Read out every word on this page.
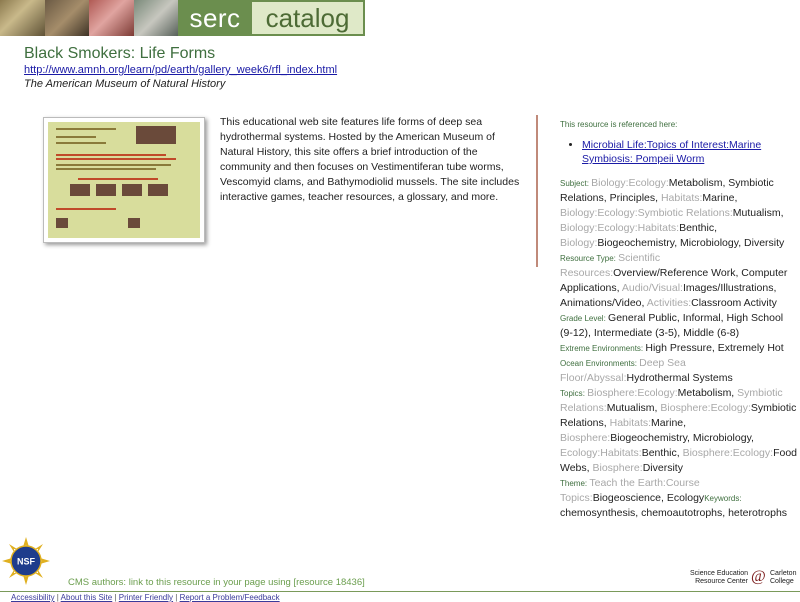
serc catalog
Black Smokers: Life Forms
http://www.amnh.org/learn/pd/earth/gallery_week6/rfl_index.html
The American Museum of Natural History
This educational web site features life forms of deep sea hydrothermal systems. Hosted by the American Museum of Natural History, this site offers a brief introduction of the community and then focuses on Vestimentiferan tube worms, Vescomyid clams, and Bathymodiolid mussels. The site includes interactive games, teacher resources, a glossary, and more.
This resource is referenced here:
• Microbial Life:Topics of Interest:Marine Symbiosis: Pompeii Worm
Subject: Biology:Ecology:Metabolism, Symbiotic Relations, Principles, Habitats:Marine, Biology:Ecology:Symbiotic Relations:Mutualism, Biology:Ecology:Habitats:Benthic, Biology:Biogeochemistry, Microbiology, Diversity
Resource Type: Scientific Resources:Overview/Reference Work, Computer Applications, Audio/Visual:Images/Illustrations, Animations/Video, Activities:Classroom Activity
Grade Level: General Public, Informal, High School (9-12), Intermediate (3-5), Middle (6-8)
Extreme Environments: High Pressure, Extremely Hot
Ocean Environments: Deep Sea Floor/Abyssal:Hydrothermal Systems
Topics: Biosphere:Ecology:Metabolism, Symbiotic Relations:Mutualism, Biosphere:Ecology:Symbiotic Relations, Habitats:Marine, Biosphere:Biogeochemistry, Microbiology, Ecology:Habitats:Benthic, Biosphere:Ecology:Food Webs, Biosphere:Diversity
Theme: Teach the Earth:Course Topics:Biogeoscience, EcologyKeywords: chemosynthesis, chemoautotrophs, heterotrophs
NSF
CMS authors: link to this resource in your page using [resource 18436]
Science Education Resource Center @ Carleton College
Accessibility | About this Site | Printer Friendly | Report a Problem/Feedback
